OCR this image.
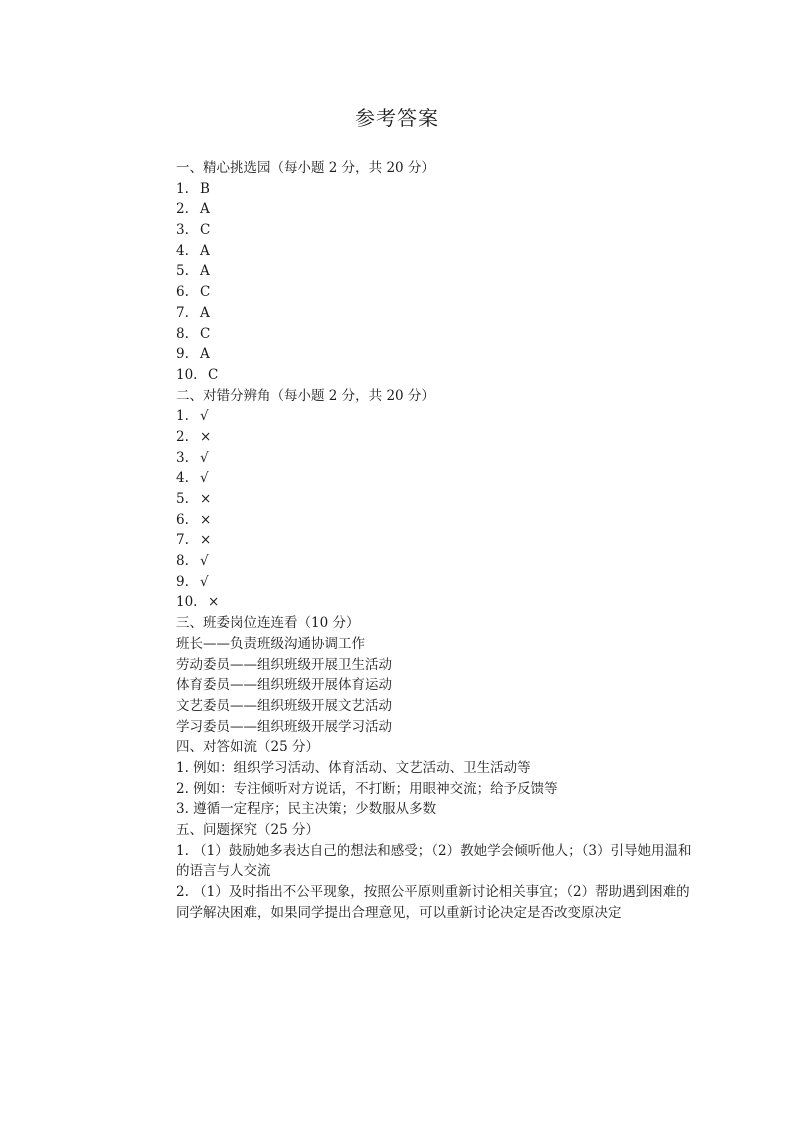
参考答案
一、精心挑选园（每小题 2 分，共 20 分）
1. B
2. A
3. C
4. A
5. A
6. C
7. A
8. C
9. A
10. C
二、对错分辨角（每小题 2 分，共 20 分）
1. √
2. ×
3. √
4. √
5. ×
6. ×
7. ×
8. √
9. √
10. ×
三、班委岗位连连看（10 分）
班长——负责班级沟通协调工作
劳动委员——组织班级开展卫生活动
体育委员——组织班级开展体育运动
文艺委员——组织班级开展文艺活动
学习委员——组织班级开展学习活动
四、对答如流（25 分）
1. 例如：组织学习活动、体育活动、文艺活动、卫生活动等
2. 例如：专注倾听对方说话，不打断；用眼神交流；给予反馈等
3. 遵循一定程序；民主决策；少数服从多数
五、问题探究（25 分）
1. （1）鼓励她多表达自己的想法和感受；（2）教她学会倾听他人；（3）引导她用温和
的语言与人交流
2. （1）及时指出不公平现象，按照公平原则重新讨论相关事宜；（2）帮助遇到困难的
同学解决困难，如果同学提出合理意见，可以重新讨论决定是否改变原决定
